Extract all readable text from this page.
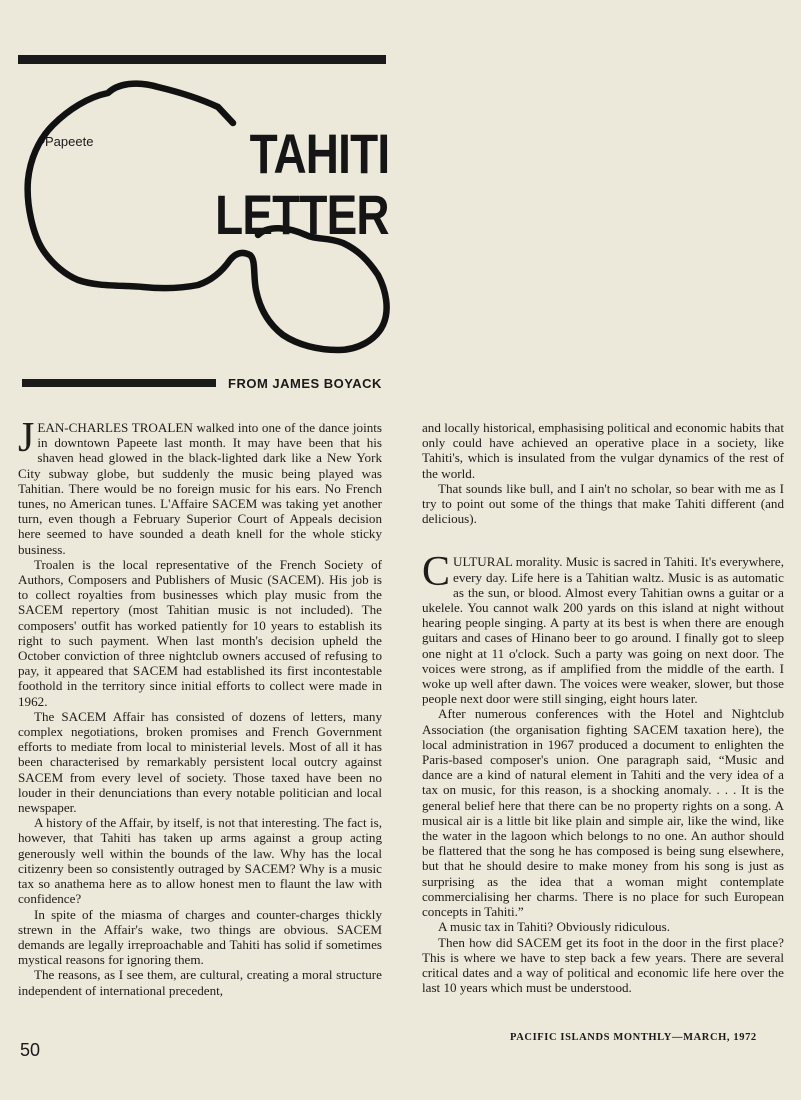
Papeete	TAHITI
LETTER
FROM JAMES BOYACK

JEAN-CHARLES TROALEN walked into one of the dance joints in downtown Papeete last month. It may have been that his shaven head glowed in the black-lighted dark like a New York City subway globe, but suddenly the music being played was Tahitian. There would be no foreign music for his ears. No French tunes, no American tunes. L'Affaire SACEM was taking yet another turn, even though a February Superior Court of Appeals decision here seemed to have sounded a death knell for the whole sticky business.

Troalen is the local representative of the French Society of Authors, Composers and Publishers of Music (SACEM). His job is to collect royalties from businesses which play music from the SACEM repertory (most Tahitian music is not included). The composers' outfit has worked patiently for 10 years to establish its right to such payment. When last month's decision upheld the October conviction of three nightclub owners accused of refusing to pay, it appeared that SACEM had established its first incontestable foothold in the territory since initial efforts to collect were made in 1962.

The SACEM Affair has consisted of dozens of letters, many complex negotiations, broken promises and French Government efforts to mediate from local to ministerial levels. Most of all it has been characterised by remarkably persistent local outcry against SACEM from every level of society. Those taxed have been no louder in their denunciations than every notable politician and local newspaper.

A history of the Affair, by itself, is not that interesting. The fact is, however, that Tahiti has taken up arms against a group acting generously well within the bounds of the law. Why has the local citizenry been so consistently outraged by SACEM? Why is a music tax so anathema here as to allow honest men to flaunt the law with confidence?

In spite of the miasma of charges and counter-charges thickly strewn in the Affair's wake, two things are obvious. SACEM demands are legally irreproachable and Tahiti has solid if sometimes mystical reasons for ignoring them.

The reasons, as I see them, are cultural, creating a moral structure independent of international precedent,

and locally historical, emphasising political and economic habits that only could have achieved an operative place in a society, like Tahiti's, which is insulated from the vulgar dynamics of the rest of the world.

That sounds like bull, and I ain't no scholar, so bear with me as I try to point out some of the things that make Tahiti different (and delicious).

CULTURAL morality. Music is sacred in Tahiti. It's everywhere, every day. Life here is a Tahitian waltz. Music is as automatic as the sun, or blood. Almost every Tahitian owns a guitar or a ukelele. You cannot walk 200 yards on this island at night without hearing people singing. A party at its best is when there are enough guitars and cases of Hinano beer to go around. I finally got to sleep one night at 11 o'clock. Such a party was going on next door. The voices were strong, as if amplified from the middle of the earth. I woke up well after dawn. The voices were weaker, slower, but those people next door were still singing, eight hours later.

After numerous conferences with the Hotel and Nightclub Association (the organisation fighting SACEM taxation here), the local administration in 1967 produced a document to enlighten the Paris-based composer's union. One paragraph said, “Music and dance are a kind of natural element in Tahiti and the very idea of a tax on music, for this reason, is a shocking anomaly. . . . It is the general belief here that there can be no property rights on a song. A musical air is a little bit like plain and simple air, like the wind, like the water in the lagoon which belongs to no one. An author should be flattered that the song he has composed is being sung elsewhere, but that he should desire to make money from his song is just as surprising as the idea that a woman might contemplate commercialising her charms. There is no place for such European concepts in Tahiti.”

A music tax in Tahiti? Obviously ridiculous.

Then how did SACEM get its foot in the door in the first place? This is where we have to step back a few years. There are several critical dates and a way of political and economic life here over the last 10 years which must be understood.

50
PACIFIC ISLANDS MONTHLY—MARCH, 1972
